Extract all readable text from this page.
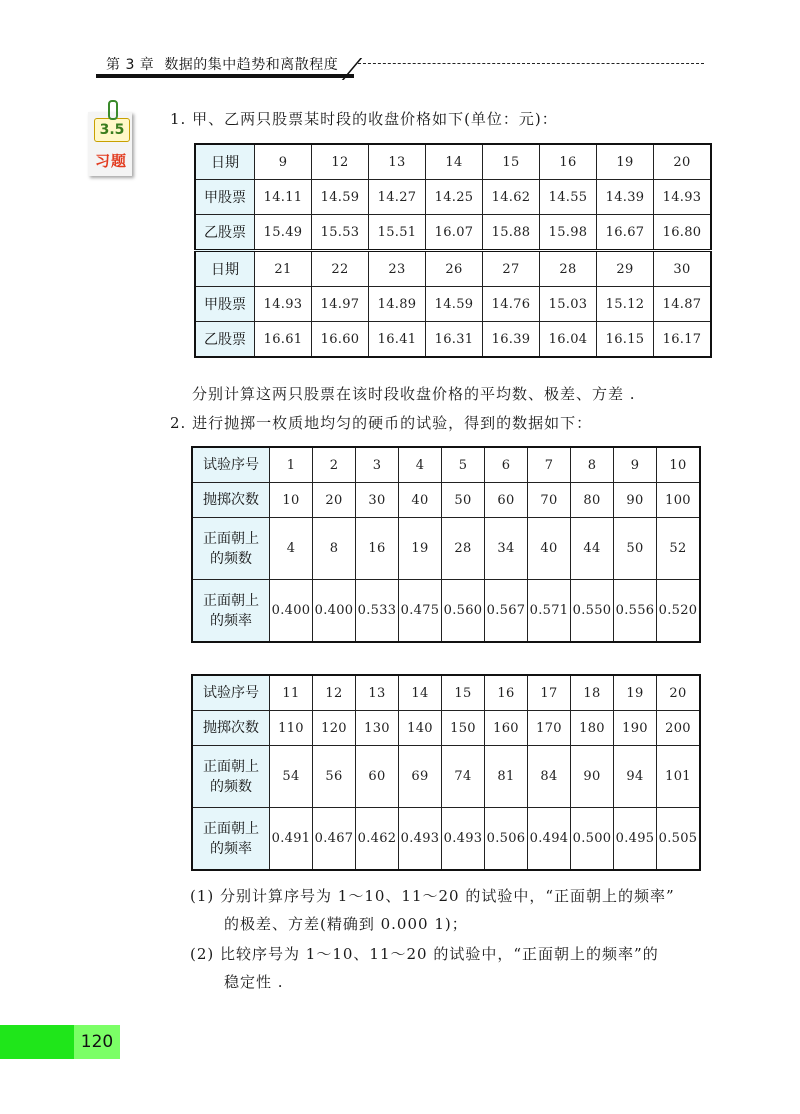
第 3 章 数据的集中趋势和离散程度
3.5
习题
1. 甲、乙两只股票某时段的收盘价格如下(单位：元)：
日期	9	12	13	14	15	16	19	20
甲股票	14.11	14.59	14.27	14.25	14.62	14.55	14.39	14.93
乙股票	15.49	15.53	15.51	16.07	15.88	15.98	16.67	16.80
日期	21	22	23	26	27	28	29	30
甲股票	14.93	14.97	14.89	14.59	14.76	15.03	15.12	14.87
乙股票	16.61	16.60	16.41	16.31	16.39	16.04	16.15	16.17
分别计算这两只股票在该时段收盘价格的平均数、极差、方差 .
2. 进行抛掷一枚质地均匀的硬币的试验，得到的数据如下：
试验序号	1	2	3	4	5	6	7	8	9	10
抛掷次数	10	20	30	40	50	60	70	80	90	100
正面朝上
的频数	4	8	16	19	28	34	40	44	50	52
正面朝上
的频率	0.400	0.400	0.533	0.475	0.560	0.567	0.571	0.550	0.556	0.520
试验序号	11	12	13	14	15	16	17	18	19	20
抛掷次数	110	120	130	140	150	160	170	180	190	200
正面朝上
的频数	54	56	60	69	74	81	84	90	94	101
正面朝上
的频率	0.491	0.467	0.462	0.493	0.493	0.506	0.494	0.500	0.495	0.505
(1) 分别计算序号为 1～10、11～20 的试验中，“正面朝上的频率”
的极差、方差(精确到 0.000 1)；
(2) 比较序号为 1～10、11～20 的试验中，“正面朝上的频率”的
稳定性 .
120
